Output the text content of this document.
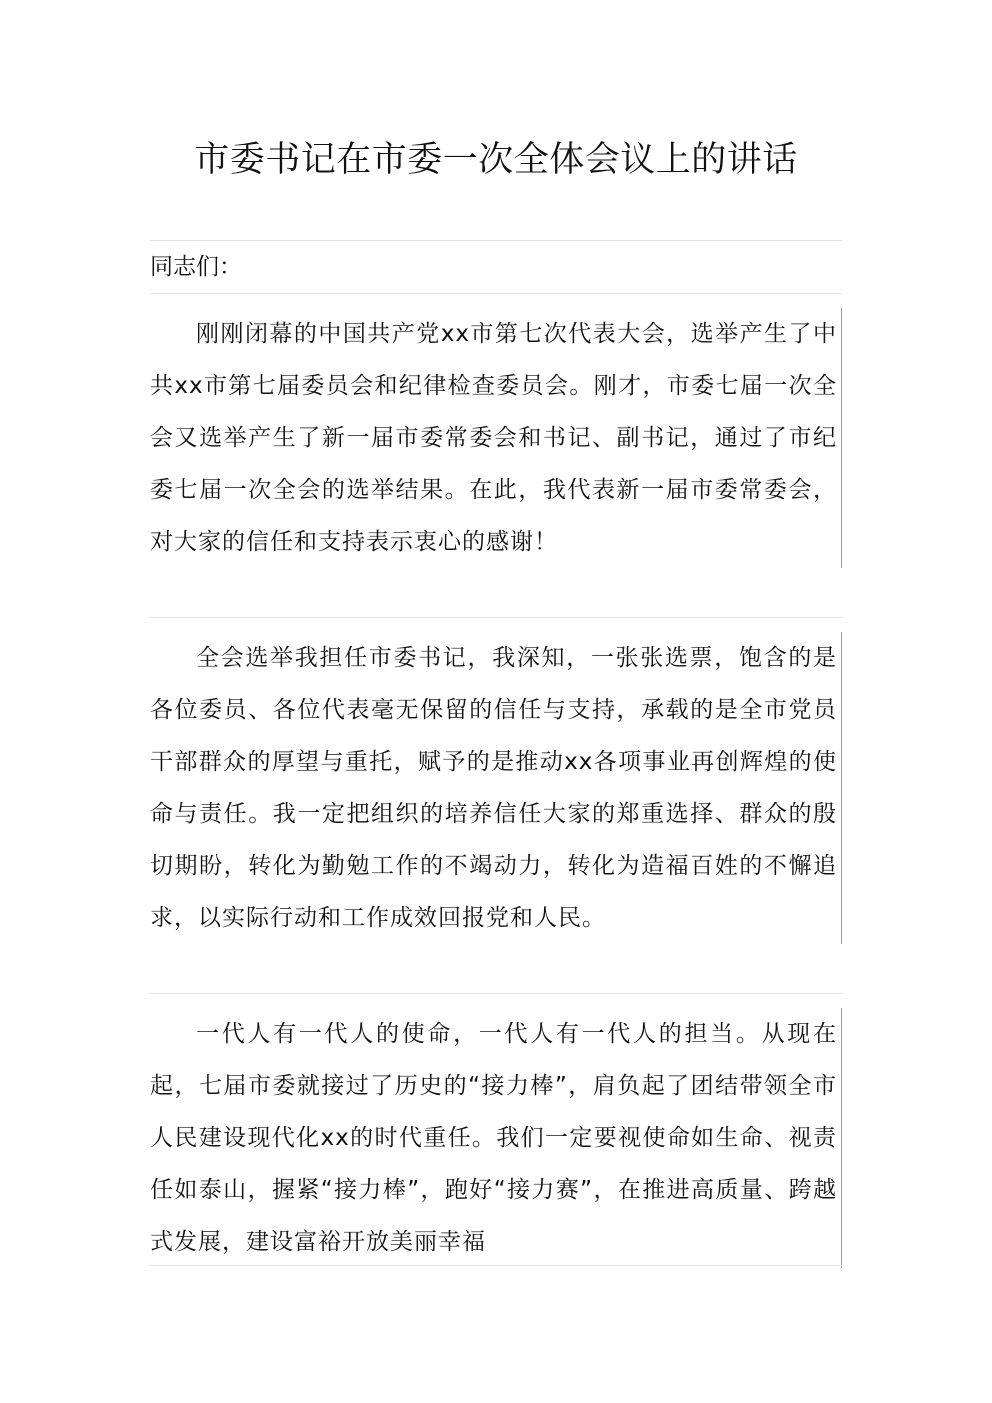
市委书记在市委一次全体会议上的讲话
同志们：
刚刚闭幕的中国共产党xx市第七次代表大会，选举产生了中共xx市第七届委员会和纪律检查委员会。刚才，市委七届一次全会又选举产生了新一届市委常委会和书记、副书记，通过了市纪委七届一次全会的选举结果。在此，我代表新一届市委常委会，对大家的信任和支持表示衷心的感谢！
全会选举我担任市委书记，我深知，一张张选票，饱含的是各位委员、各位代表毫无保留的信任与支持，承载的是全市党员干部群众的厚望与重托，赋予的是推动xx各项事业再创辉煌的使命与责任。我一定把组织的培养信任大家的郑重选择、群众的殷切期盼，转化为勤勉工作的不竭动力，转化为造福百姓的不懈追求，以实际行动和工作成效回报党和人民。
一代人有一代人的使命，一代人有一代人的担当。从现在起，七届市委就接过了历史的“接力棒”，肩负起了团结带领全市人民建设现代化xx的时代重任。我们一定要视使命如生命、视责任如泰山，握紧“接力棒”，跑好“接力赛”，在推进高质量、跨越式发展，建设富裕开放美丽幸福
